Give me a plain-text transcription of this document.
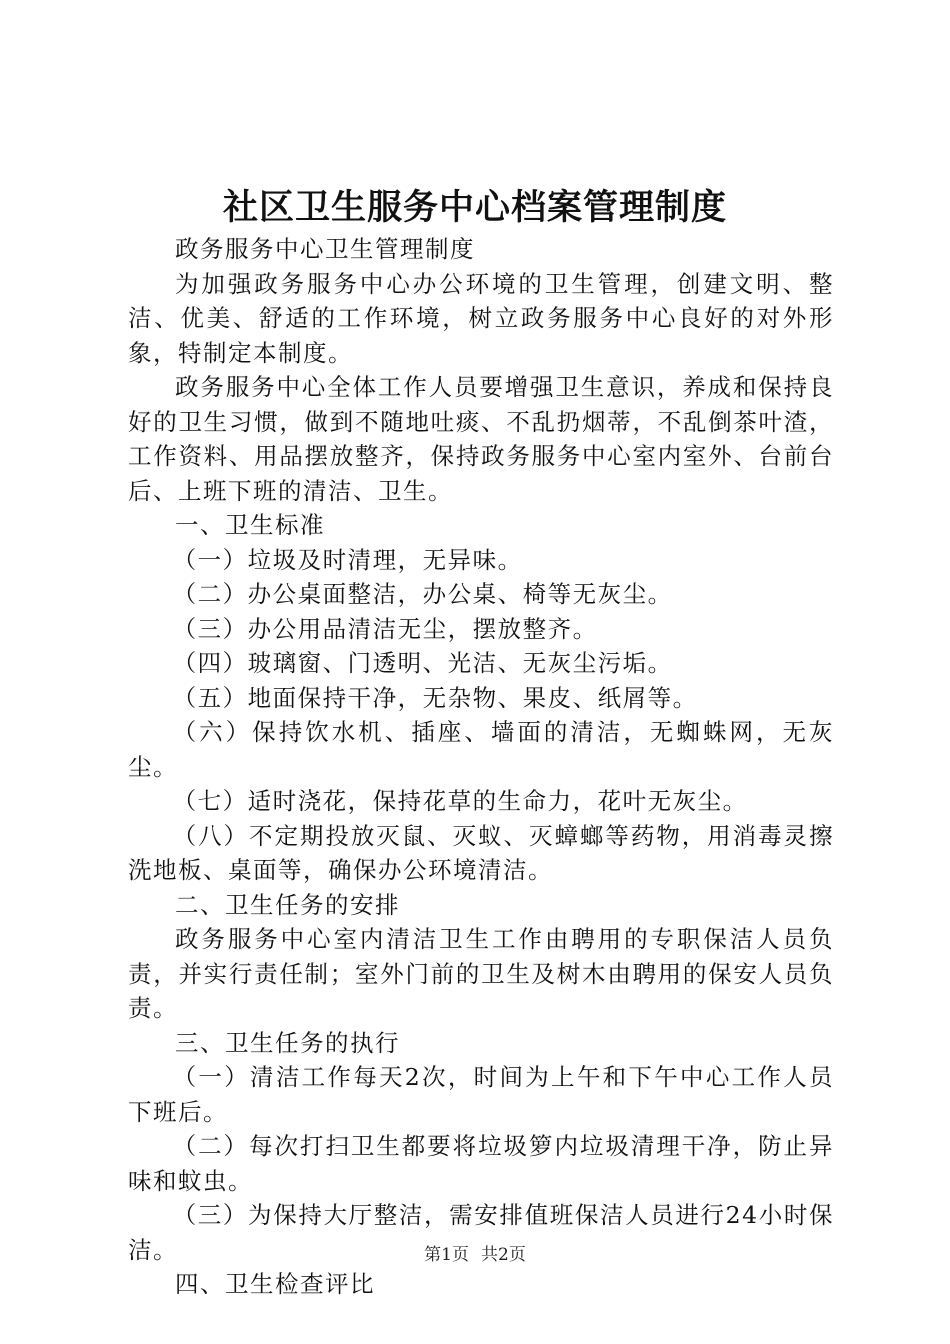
社区卫生服务中心档案管理制度

政务服务中心卫生管理制度

为加强政务服务中心办公环境的卫生管理，创建文明、整洁、优美、舒适的工作环境，树立政务服务中心良好的对外形象，特制定本制度。

政务服务中心全体工作人员要增强卫生意识，养成和保持良好的卫生习惯，做到不随地吐痰、不乱扔烟蒂，不乱倒茶叶渣，工作资料、用品摆放整齐，保持政务服务中心室内室外、台前台后、上班下班的清洁、卫生。

一、卫生标准

（一）垃圾及时清理，无异味。

（二）办公桌面整洁，办公桌、椅等无灰尘。

（三）办公用品清洁无尘，摆放整齐。

（四）玻璃窗、门透明、光洁、无灰尘污垢。

（五）地面保持干净，无杂物、果皮、纸屑等。

（六）保持饮水机、插座、墙面的清洁，无蜘蛛网，无灰尘。

（七）适时浇花，保持花草的生命力，花叶无灰尘。

（八）不定期投放灭鼠、灭蚁、灭蟑螂等药物，用消毒灵擦洗地板、桌面等，确保办公环境清洁。

二、卫生任务的安排

政务服务中心室内清洁卫生工作由聘用的专职保洁人员负责，并实行责任制；室外门前的卫生及树木由聘用的保安人员负责。

三、卫生任务的执行

（一）清洁工作每天2次，时间为上午和下午中心工作人员下班后。

（二）每次打扫卫生都要将垃圾箩内垃圾清理干净，防止异味和蚊虫。

（三）为保持大厅整洁，需安排值班保洁人员进行24小时保洁。

四、卫生检查评比

第1页 共2页
